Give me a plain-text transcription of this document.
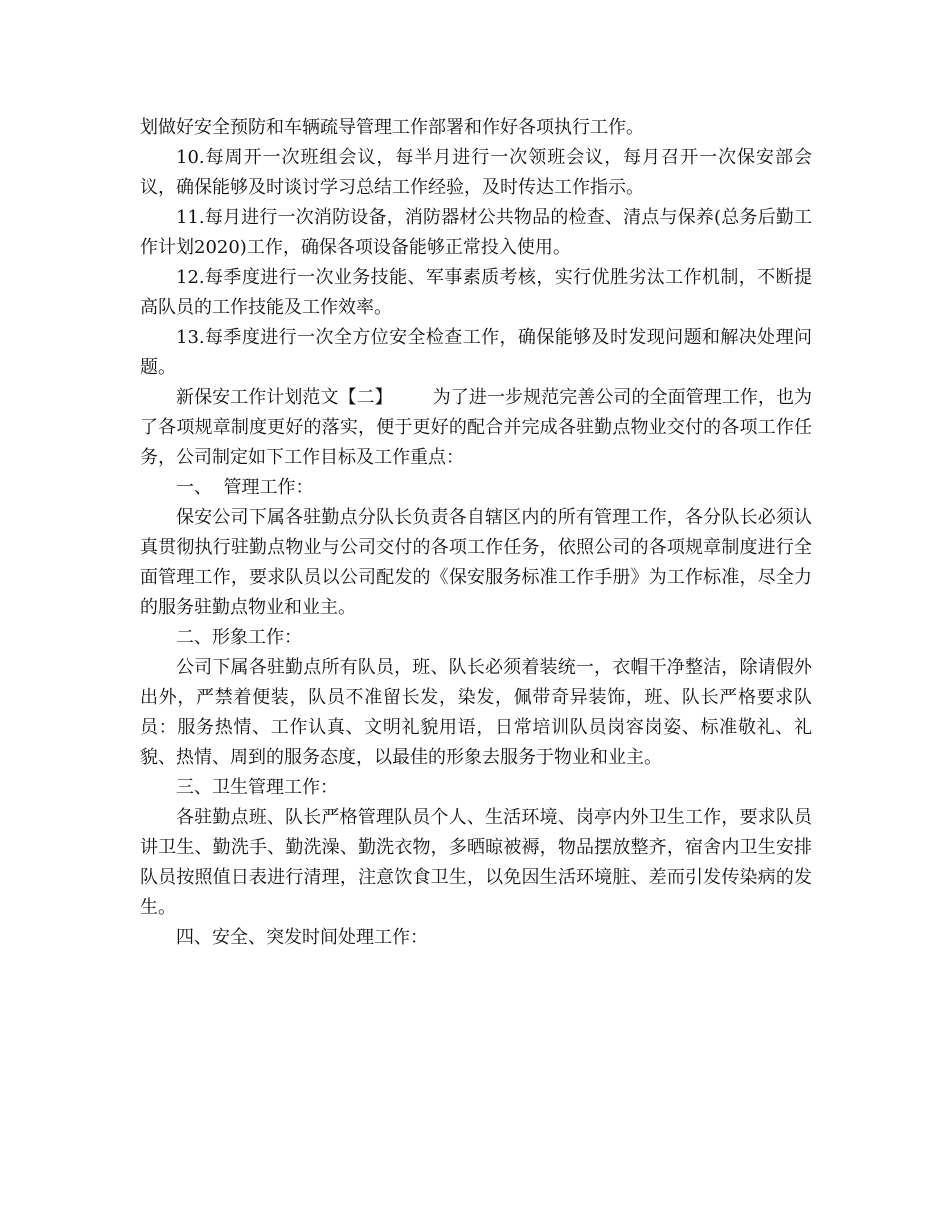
划做好安全预防和车辆疏导管理工作部署和作好各项执行工作。

10.每周开一次班组会议，每半月进行一次领班会议，每月召开一次保安部会议，确保能够及时谈讨学习总结工作经验，及时传达工作指示。

11.每月进行一次消防设备，消防器材公共物品的检查、清点与保养(总务后勤工作计划2020)工作，确保各项设备能够正常投入使用。

12.每季度进行一次业务技能、军事素质考核，实行优胜劣汰工作机制，不断提高队员的工作技能及工作效率。

13.每季度进行一次全方位安全检查工作，确保能够及时发现问题和解决处理问题。

新保安工作计划范文【二】 为了进一步规范完善公司的全面管理工作，也为了各项规章制度更好的落实，便于更好的配合并完成各驻勤点物业交付的各项工作任务，公司制定如下工作目标及工作重点：

一、  管理工作：

保安公司下属各驻勤点分队长负责各自辖区内的所有管理工作，各分队长必须认真贯彻执行驻勤点物业与公司交付的各项工作任务，依照公司的各项规章制度进行全面管理工作，要求队员以公司配发的《保安服务标准工作手册》为工作标准，尽全力的服务驻勤点物业和业主。

二、形象工作：

公司下属各驻勤点所有队员，班、队长必须着装统一，衣帽干净整洁，除请假外出外，严禁着便装，队员不准留长发，染发，佩带奇异装饰，班、队长严格要求队员：服务热情、工作认真、文明礼貌用语，日常培训队员岗容岗姿、标准敬礼、礼貌、热情、周到的服务态度，以最佳的形象去服务于物业和业主。

三、卫生管理工作：

各驻勤点班、队长严格管理队员个人、生活环境、岗亭内外卫生工作，要求队员讲卫生、勤洗手、勤洗澡、勤洗衣物，多晒晾被褥，物品摆放整齐，宿舍内卫生安排队员按照值日表进行清理，注意饮食卫生，以免因生活环境脏、差而引发传染病的发生。

四、安全、突发时间处理工作：
